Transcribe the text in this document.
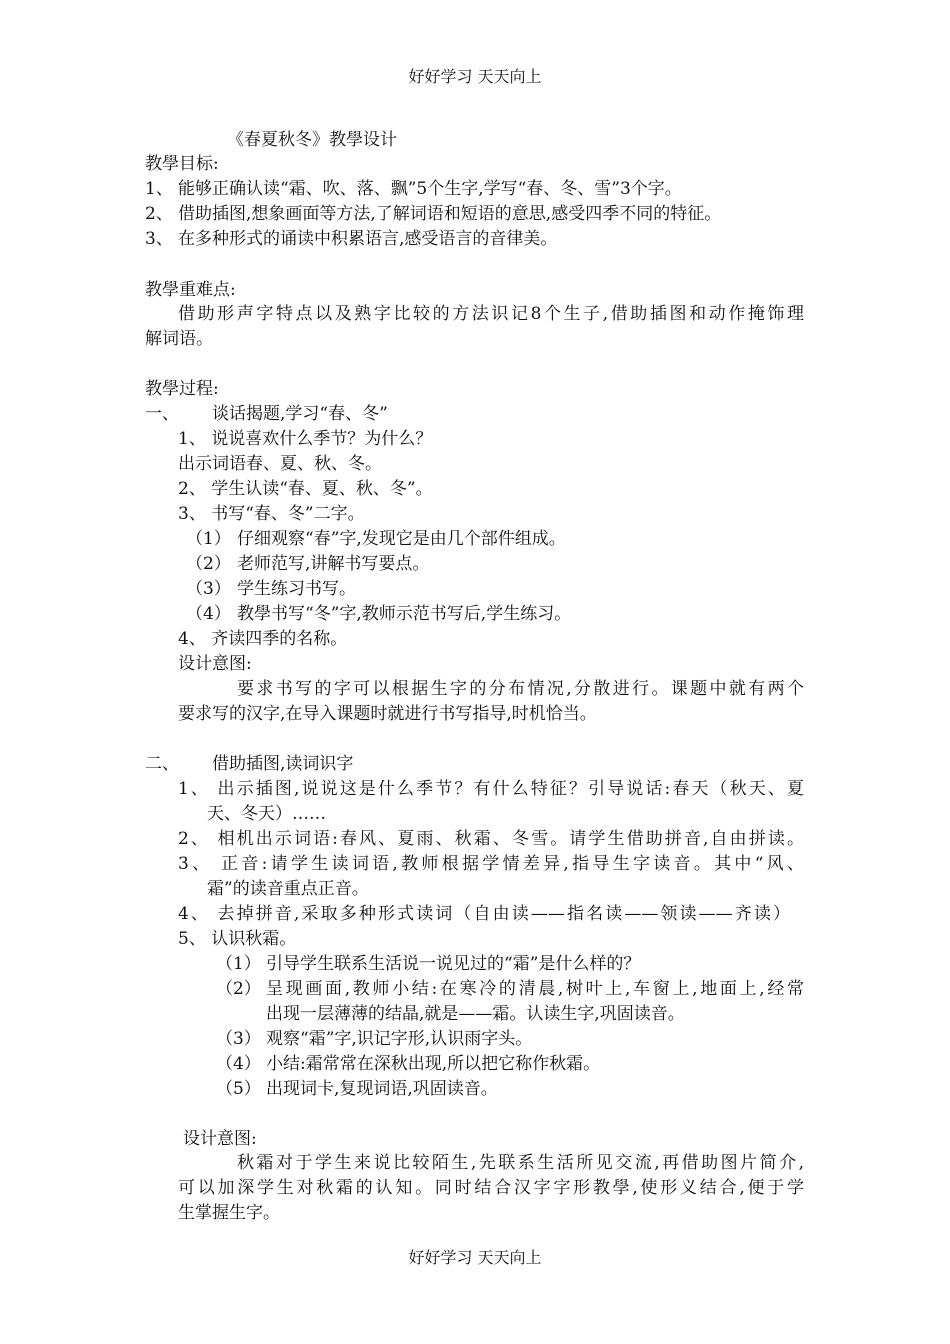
好好学习 天天向上
《春夏秋冬》教學设计
教學目标:
1、 能够正确认读“霜、吹、落、飘”5个生字,学写“春、冬、雪”3个字。
2、 借助插图,想象画面等方法,了解词语和短语的意思,感受四季不同的特征。
3、 在多种形式的诵读中积累语言,感受语言的音律美。
教學重难点:
借助形声字特点以及熟字比较的方法识记8个生子,借助插图和动作掩饰理
解词语。
教學过程:
一、 谈话揭题,学习“春、冬”
1、 说说喜欢什么季节？为什么？
出示词语春、夏、秋、冬。
2、 学生认读“春、夏、秋、冬”。
3、 书写“春、冬”二字。
（1） 仔细观察“春”字,发现它是由几个部件组成。
（2） 老师范写,讲解书写要点。
（3） 学生练习书写。
（4） 教學书写“冬”字,教师示范书写后,学生练习。
4、 齐读四季的名称。
设计意图:
要求书写的字可以根据生字的分布情况,分散进行。课题中就有两个
要求写的汉字,在导入课题时就进行书写指导,时机恰当。
二、 借助插图,读词识字
1、 出示插图,说说这是什么季节？有什么特征？引导说话:春天（秋天、夏
天、冬天）……
2、 相机出示词语:春风、夏雨、秋霜、冬雪。请学生借助拼音,自由拼读。
3、 正音:请学生读词语,教师根据学情差异,指导生字读音。其中“风、
霜”的读音重点正音。
4、 去掉拼音,采取多种形式读词（自由读——指名读——领读——齐读）
5、 认识秋霜。
（1） 引导学生联系生活说一说见过的“霜”是什么样的？
（2） 呈现画面,教师小结:在寒冷的清晨,树叶上,车窗上,地面上,经常
出现一层薄薄的结晶,就是——霜。认读生字,巩固读音。
（3） 观察“霜”字,识记字形,认识雨字头。
（4） 小结:霜常常在深秋出现,所以把它称作秋霜。
（5） 出现词卡,复现词语,巩固读音。
设计意图:
秋霜对于学生来说比较陌生,先联系生活所见交流,再借助图片简介,
可以加深学生对秋霜的认知。同时结合汉字字形教學,使形义结合,便于学
生掌握生字。
好好学习 天天向上
